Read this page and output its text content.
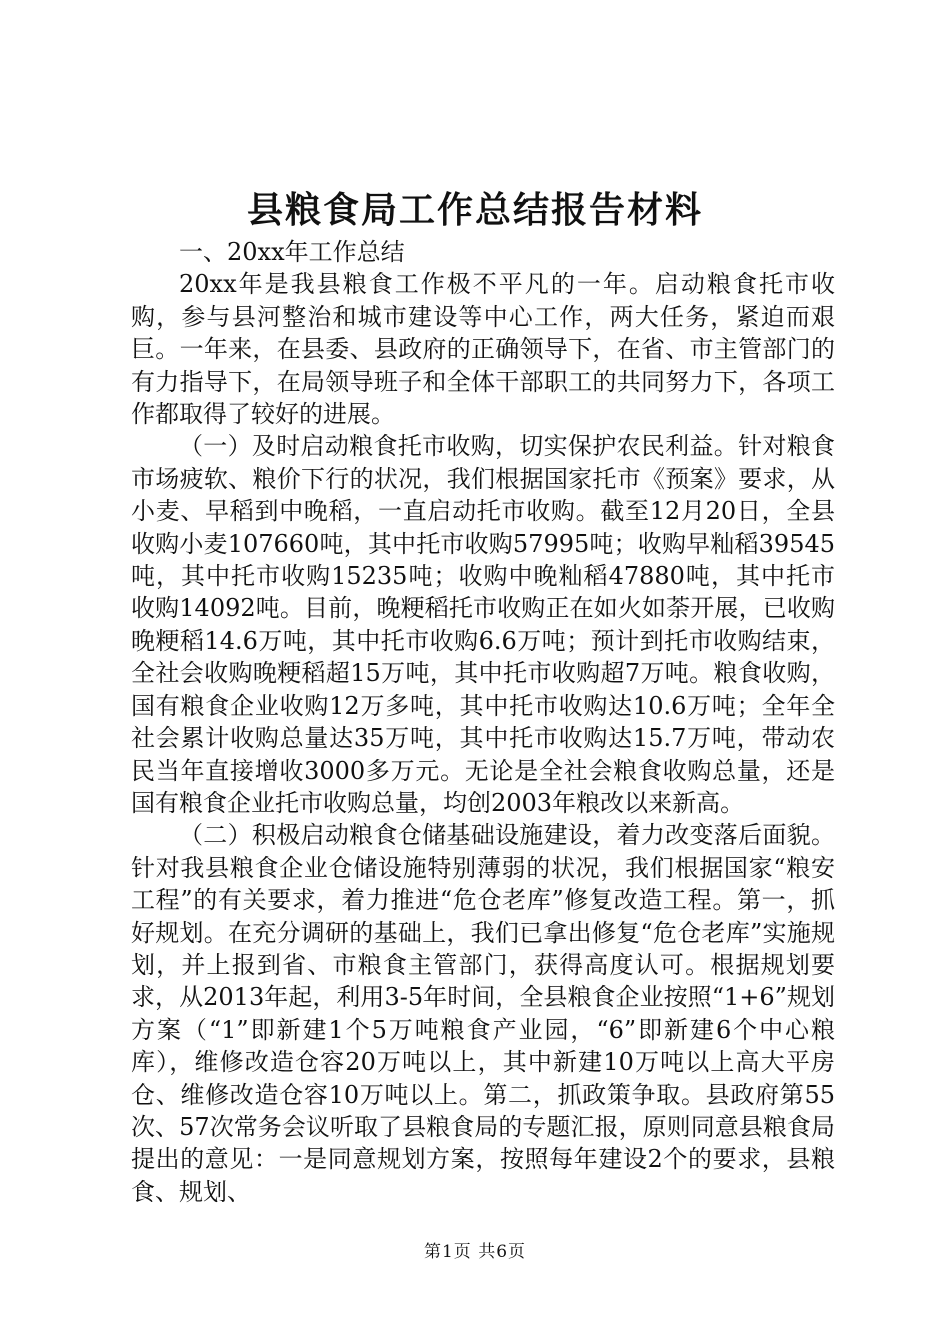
县粮食局工作总结报告材料

一、20xx年工作总结

20xx年是我县粮食工作极不平凡的一年。启动粮食托市收购，参与县河整治和城市建设等中心工作，两大任务，紧迫而艰巨。一年来，在县委、县政府的正确领导下，在省、市主管部门的有力指导下，在局领导班子和全体干部职工的共同努力下，各项工作都取得了较好的进展。

（一）及时启动粮食托市收购，切实保护农民利益。针对粮食市场疲软、粮价下行的状况，我们根据国家托市《预案》要求，从小麦、早稻到中晚稻，一直启动托市收购。截至12月20日，全县收购小麦107660吨，其中托市收购57995吨；收购早籼稻39545吨，其中托市收购15235吨；收购中晚籼稻47880吨，其中托市收购14092吨。目前，晚粳稻托市收购正在如火如荼开展，已收购晚粳稻14.6万吨，其中托市收购6.6万吨；预计到托市收购结束，全社会收购晚粳稻超15万吨，其中托市收购超7万吨。粮食收购，国有粮食企业收购12万多吨，其中托市收购达10.6万吨；全年全社会累计收购总量达35万吨，其中托市收购达15.7万吨，带动农民当年直接增收3000多万元。无论是全社会粮食收购总量，还是国有粮食企业托市收购总量，均创2003年粮改以来新高。

（二）积极启动粮食仓储基础设施建设，着力改变落后面貌。针对我县粮食企业仓储设施特别薄弱的状况，我们根据国家“粮安工程”的有关要求，着力推进“危仓老库”修复改造工程。第一，抓好规划。在充分调研的基础上，我们已拿出修复“危仓老库”实施规划，并上报到省、市粮食主管部门，获得高度认可。根据规划要求，从2013年起，利用3-5年时间，全县粮食企业按照“1+6”规划方案（“1”即新建1个5万吨粮食产业园，“6”即新建6个中心粮库），维修改造仓容20万吨以上，其中新建10万吨以上高大平房仓、维修改造仓容10万吨以上。第二，抓政策争取。县政府第55次、57次常务会议听取了县粮食局的专题汇报，原则同意县粮食局提出的意见：一是同意规划方案，按照每年建设2个的要求，县粮食、规划、

第1页 共6页
